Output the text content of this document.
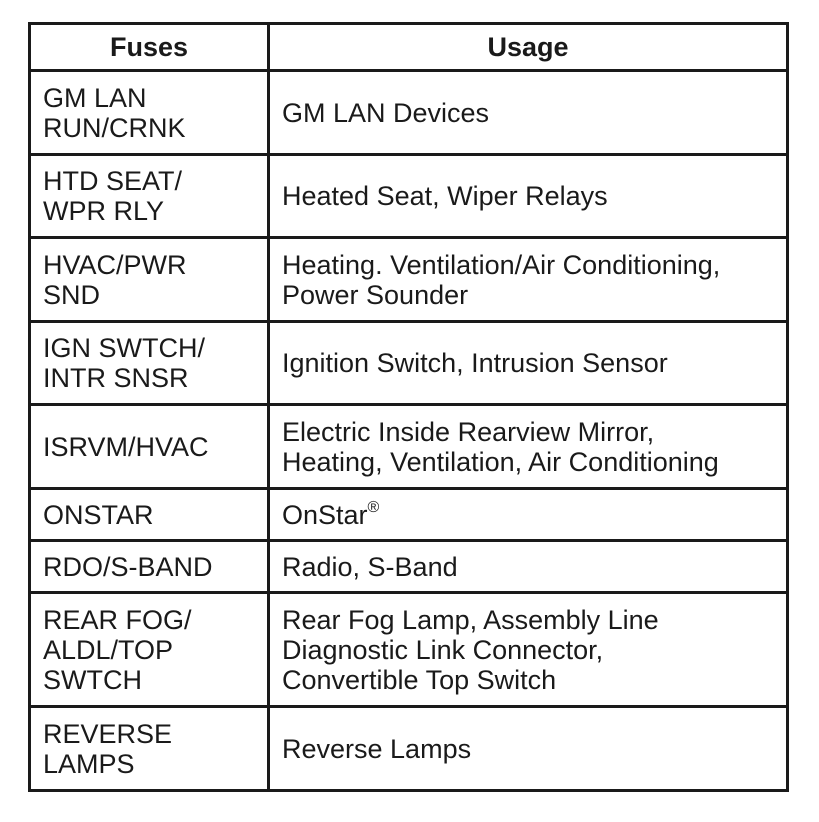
Fuses	Usage

GM LAN
RUN/CRNK	GM LAN Devices

HTD SEAT/
WPR RLY	Heated Seat, Wiper Relays

HVAC/PWR
SND	Heating. Ventilation/Air Conditioning,
Power Sounder

IGN SWTCH/
INTR SNSR	Ignition Switch, Intrusion Sensor

ISRVM/HVAC	Electric Inside Rearview Mirror,
Heating, Ventilation, Air Conditioning

ONSTAR	OnStar®

RDO/S-BAND	Radio, S-Band

REAR FOG/
ALDL/TOP
SWTCH	Rear Fog Lamp, Assembly Line
Diagnostic Link Connector,
Convertible Top Switch

REVERSE
LAMPS	Reverse Lamps
